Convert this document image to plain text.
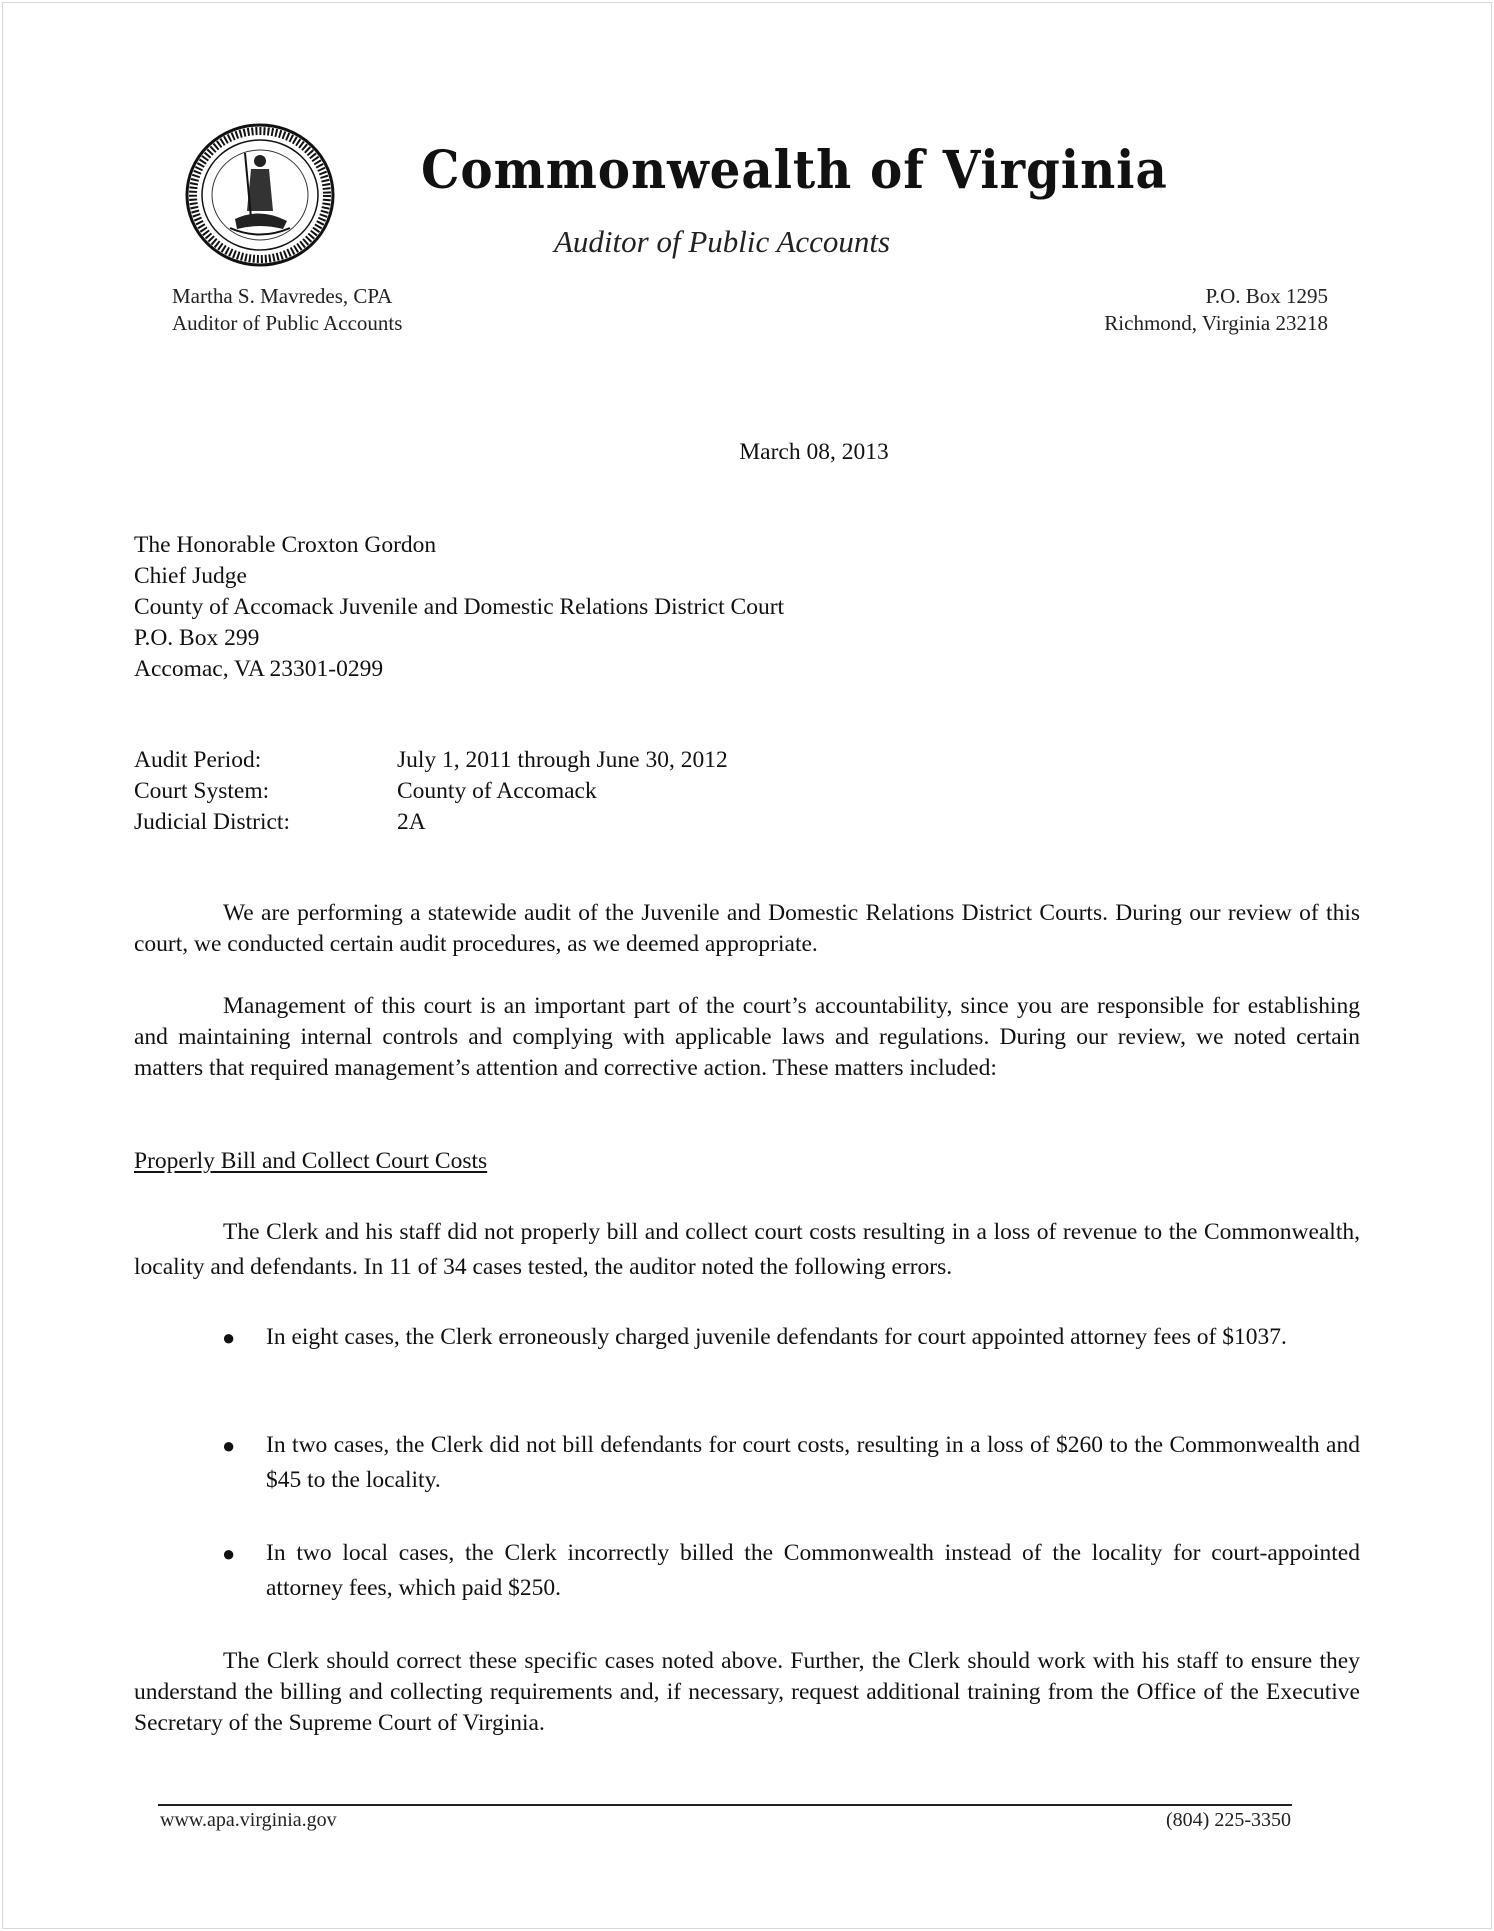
Commonwealth of Virginia
Auditor of Public Accounts
Martha S. Mavredes, CPA
Auditor of Public Accounts
P.O. Box 1295
Richmond, Virginia 23218
March 08, 2013
The Honorable Croxton Gordon
Chief Judge
County of Accomack Juvenile and Domestic Relations District Court
P.O. Box 299
Accomac, VA 23301-0299
Audit Period:	July 1, 2011 through June 30, 2012
Court System:	County of Accomack
Judicial District:	2A
We are performing a statewide audit of the Juvenile and Domestic Relations District Courts. During our review of this court, we conducted certain audit procedures, as we deemed appropriate.
Management of this court is an important part of the court’s accountability, since you are responsible for establishing and maintaining internal controls and complying with applicable laws and regulations. During our review, we noted certain matters that required management’s attention and corrective action. These matters included:
Properly Bill and Collect Court Costs
The Clerk and his staff did not properly bill and collect court costs resulting in a loss of revenue to the Commonwealth, locality and defendants. In 11 of 34 cases tested, the auditor noted the following errors.
● In eight cases, the Clerk erroneously charged juvenile defendants for court appointed attorney fees of $1037.
● In two cases, the Clerk did not bill defendants for court costs, resulting in a loss of $260 to the Commonwealth and $45 to the locality.
● In two local cases, the Clerk incorrectly billed the Commonwealth instead of the locality for court-appointed attorney fees, which paid $250.
The Clerk should correct these specific cases noted above. Further, the Clerk should work with his staff to ensure they understand the billing and collecting requirements and, if necessary, request additional training from the Office of the Executive Secretary of the Supreme Court of Virginia.
www.apa.virginia.gov	(804) 225-3350
